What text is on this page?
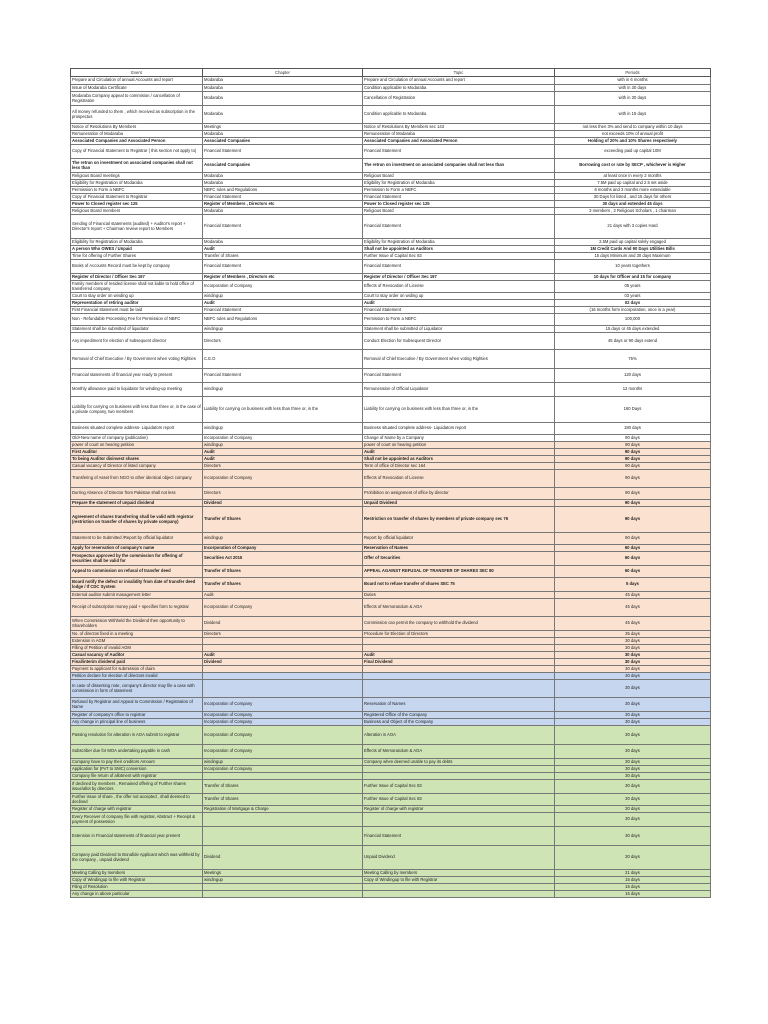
Event	Chapter	Topic	Periods
Prepare and Circulation of annual Accounts and report	Modaraba	Prepare and Circulation of annual Accounts and report	with in 6 months
Issue of Modaraba Certificate	Modaraba	Condition applicable to Modaraba	with in 30 days
Modaraba Company appeal to commision / cancellation of Registration	Modaraba	Cancellation of Registration	with in 30 days
All money refunded to them , which received as subscription in the prospectus	Modaraba	Condition applicable to Modaraba	with in 15 days
Notice of Resolutions By Members	Meetings	Notice of Resolutions By Members sec 143	not less then 3% and send to company within 10 days
Remuneration of Modaraba	Modaraba	Remuneration of Modaraba	not exceeds 10% of annual profit
Associated Companies and Associated Person	Associated Companies	Associated Companies and Associated Person	Holding of 20% and 10% Shares respectively
Copy of Financial Statement to Registrar ( this section not apply to)	Financial Statement	Financial Statement	exceeding paid up capital 10M
The retrun on investment on associated companies shall not less than	Associated Companies	The retrun on investment on associated companies shall not less than	Borrowing cost or rate by SECP , whichever is Higher
Religious Board meetings	Modaraba	Religious Board	at least once in every 2 months
Eligibility for Registration of Modaraba	Modaraba	Eligibility for Registration of Modaraba	7.5M paid up capital and 2.5 set aside
Permission to Form a NBFC	NBFC rules and Regulations	Permission to Form a NBFC	6 months and 3 months more extendable
Copy of Financial Statement to Registrar	Financial Statement	Financial Statement	30 Days for listed , and 15 days for others
Power to Closed register sec 125	Register of Members , Directors etc	Power to Closed register sec 125	30 days and extended 45 days
Religious Board members	Modaraba	Religious Board	3 members , 2 Religious Scholars , 1 chairman
Sending of Financial statements (audited) + Auditor's report + Director's report + Chairman review report to Members	Financial Statement	Financial Statement	21 days with 3 copies Hard
Eligibility for Registration of Modaraba	Modaraba	Eligibility for Registration of Modaraba	2.5M paid up capital solely engaged
A person Who OWES / Unpaid	Audit	Shall not be appointed as Auditors	1M Credit Cards And 90 Days Utilities Bills
Time for offering of Further Shares	Transfer of Shares	Further Issue of Capital Sec 83	15 days Minimum and 30 days Maximum
Books of Accounts Record must be kept by company	Financial Statement	Financial Statement	10 years togethers
Register of Director / Officer Sec 197	Register of Members , Directors etc	Register of Director / Officer Sec 197	10 days for Officer and 15 for company
Family members of resided license shall not liable to hold office of transferred company	Incorporation of Company	Effects of Revocation of License	05 years
Court to stay order on winding up	windingup	Court to stay order on widing up	03 years
Representation of retiring auditor	Audit	Audit	02 days
First Financial Statement must be laid	Financial Statement	Financial Statement	(16 months form incorporation, once in a year)
Non - Refundable Processing Fee for Permission of NBFC	NBFC rules and Regulations	Permission to Form a NBFC	100,000
Statement shall be submitted of liquidator	windingup	Statement shall be submitted of Liquidator	15 days or 45 days extended
Any impediment for election of subsequent director	Directors	Conduct Election for Subsequent Director	45 days or 90 days extend
Removal of Chief Executive / By Government when voting Righties	C.E.O	Removal of Chief Executive / By Government when voting Righties	75%
Financial statements of financial year ready to present	Financial Statement	Financial Statement	120 days
Monthly allowance paid to liquidator for winding-up meeting	windingup	Remuneration of Official Liquidator	12 months
Liability for carrying on business with less than three or, in the case of a private company, two members	Liability for carrying on business with less than three or, in the	Liability for carrying on business with less than three or, in the	160 Days
Business situated complete address- Liquidators report	windingup	Business situated complete address- Liquidators report	180 days
Old+New name of company (publication)	Incorporation of Company	Change of Name by a Company	90 days
power of court on hearing petition	windingup	power of court on hearing petition	90 days
First Auditor	Audit	Audit	90 days
To being Auditor disinvest shares	Audit	Shall not be appointed as Auditors	90 days
Casual vacancy of Director of listed company	Directors	Term of office of Director sec 164	90 days
Transfering of Asset from NGO to other identical object company	Incorporation of Company	Effects of Revocation of License	90 days
Durring Absence of Director from Pakistan shall not less	Directors	Prohibition on assignment of office by director	90 days
Prepare the statement of unpaid dividend	Dividend	Unpaid Dividend	90 days
Agreement of shares transferring shall be valid with registrar (restriction on transfer of shares by private company)	Transfer of Shares	Restriction on transfer of shares by members of private company sec 76	90 days
Statement to be Submitted /Report by official liquidator	windingup	Report by official liquidator	60 days
Apply for reservation of company's name	Incorporation of Company	Reservation of Names	60 days
Prospectus approved by the commission for offering of securities shall be valid for	Securities Act 2015	Offer of Securities	60 days
Appeal to commission on refusal of transfer deed	Transfer of Shares	APPEAL AGAINST REFUSAL OF TRANSFER OF SHARES SEC 80	60 days
Board notify the defect or invalidity from date of transfer deed lodge / If CDC System	Transfer of Shares	Board not to refuse transfer of shares SEC 75	5 days
External auditor submit management letter	Audit	Duties	45 days
Receipt of subscription money paid + specifies form to registrar	Incorporation of Company	Effects of Memorandum & AOA	45 days
When Commission Withheld the Dividend then opportunity to Shareholders	Dividend	Commission can permit the company to withhold the dividend	45 days
No. of directos fixed in a meeting	Directors	Procedure for Election of Directors	35 days
Extension in AGM			30 days
Filling of Petition of invalid AGM			30 days
Casual vacancy of Auditor	Audit	Audit	30 days
Final/interim dividend paid	Dividend	Final Dividend	30 days
Payment to applicant for submission of claim			30 days
Petition declare for election of directors invalid			30 days
In case of dissenting note, company's director may file a case with commission in form of statement			30 days
Refused by Registrar and Appeal to Commission / Registration of Name	Incorporation of Company	Reservation of Names	30 days
Register of company's office to registrar	Incorporation of Company	Registered Office of the Company	30 days
Any change in principal line of business	Incorporation of Company	Business and Object of the Company	30 days
Passing resolution for alteration in AOA submit to registrar	Incorporation of Company	Alteration in AOA	30 days
Subscriber due for MOA undertaking payable in cash	Incorporation of Company	Effects of Memorandum & AOA	30 days
Company have to pay their creditors Amount	windingup	Company when deemed unable to pay its debts	30 days
Application for (PvT to SMC) conversion	Incorporation of Company		30 days
Company file return of allotment with registrar			30 days
If declined by members , Remained offering of Further shares issue/allot by directors	Transfer of Shares	Further Issue of Capital Sec 83	30 days
Further issue of share , the offer not accepted , shall deemed to declined	Transfer of Shares	Further Issue of Capital Sec 83	30 days
Register of charge with registrar	Registration of Mortgage & Charge	Register of charge with registrar	30 days
Every Receiver of company file with registrar, Abstract + Receipt & payment of possession			30 days
Extension in Financial statements of financial year present		Financial Statement	30 days
Company paid Dividend to Bonafide Applicant which was withheld by the company , unpaid dividend	Dividend	Unpaid Dividend	30 days
Meeting Calling by members	Meetings	Meeting Calling by members	21 days
Copy of Windingup to file with Registrar	windingup	Copy of Windingup to file with Registrar	15 days
Filing of Resolution			15 days
Any change in above particular			15 days
